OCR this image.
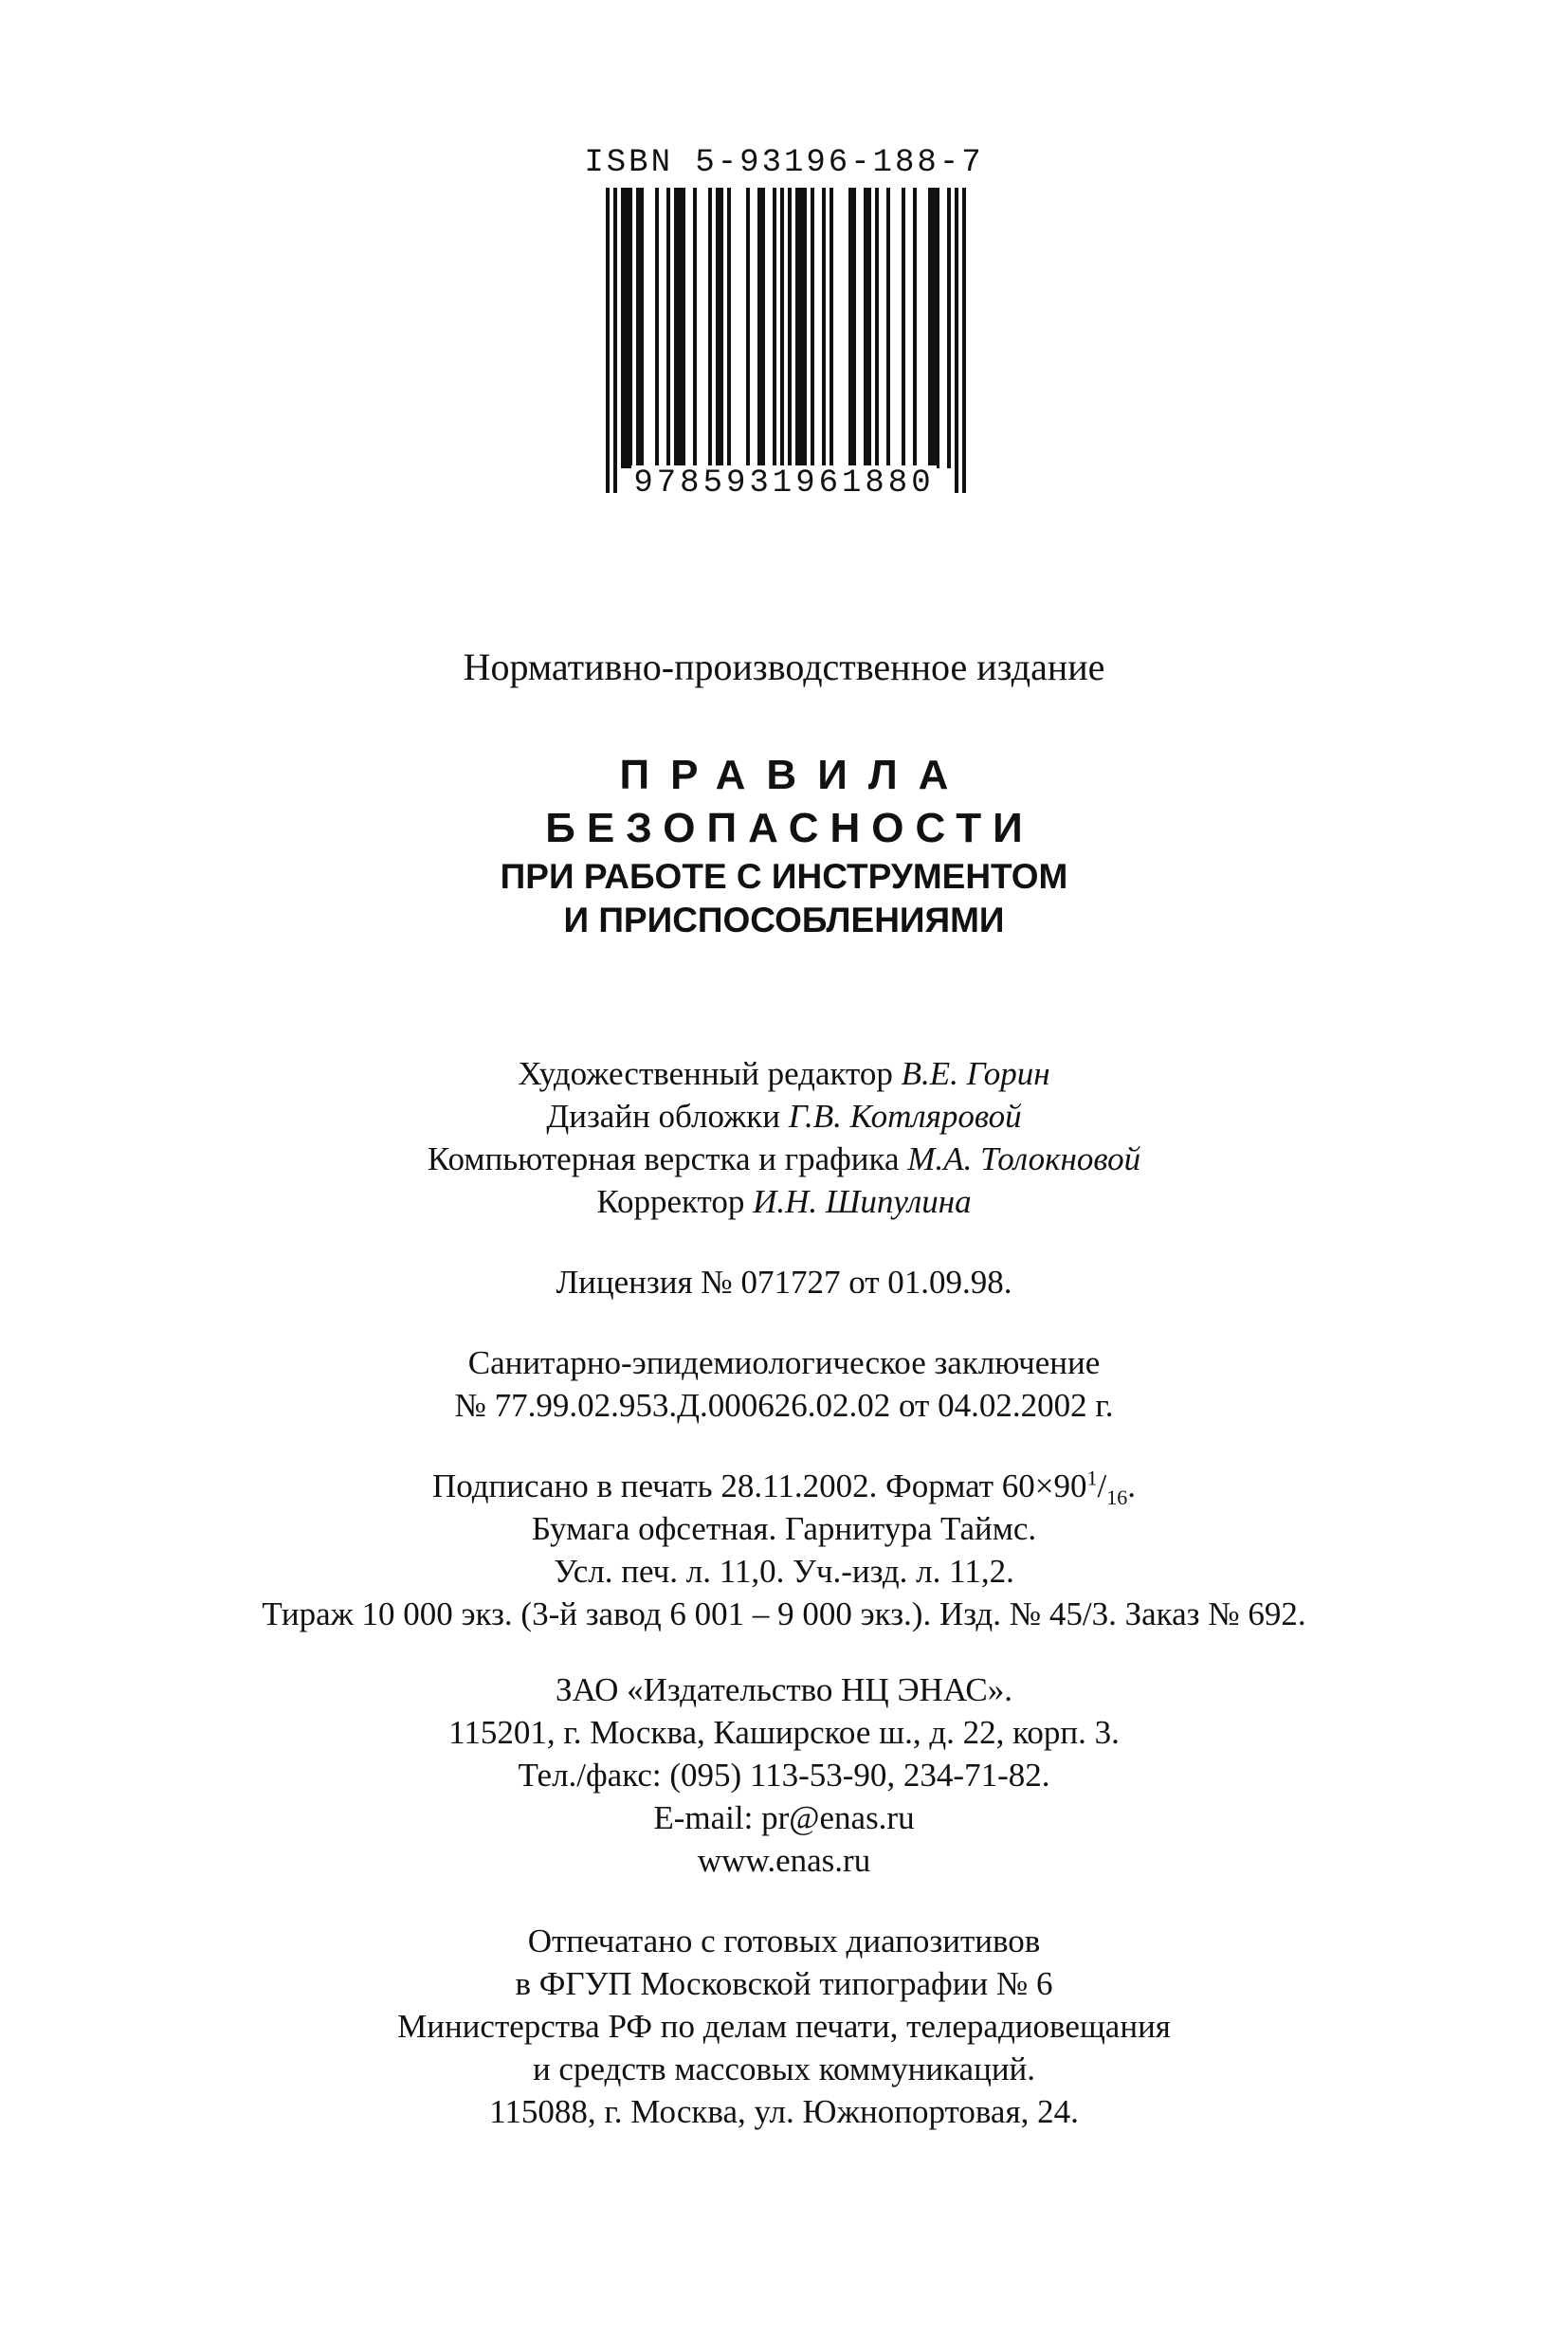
ISBN 5-93196-188-7
9785931961880
Нормативно-производственное издание
ПРАВИЛА
БЕЗОПАСНОСТИ
ПРИ РАБОТЕ С ИНСТРУМЕНТОМ
И ПРИСПОСОБЛЕНИЯМИ
Художественный редактор В.Е. Горин
Дизайн обложки Г.В. Котляровой
Компьютерная верстка и графика М.А. Толокновой
Корректор И.Н. Шипулина
Лицензия № 071727 от 01.09.98.
Санитарно-эпидемиологическое заключение
№ 77.99.02.953.Д.000626.02.02 от 04.02.2002 г.
Подписано в печать 28.11.2002. Формат $60\times 90^1/_{16}$.
Бумага офсетная. Гарнитура Таймс.
Усл. печ. л. 11,0. Уч.-изд. л. 11,2.
Тираж 10 000 экз. (3-й завод 6 001 – 9 000 экз.). Изд. № 45/3. Заказ № 692.
ЗАО «Издательство НЦ ЭНАС».
115201, г. Москва, Каширское ш., д. 22, корп. 3.
Тел./факс: (095) 113-53-90, 234-71-82.
E-mail: pr@enas.ru
www.enas.ru
Отпечатано с готовых диапозитивов
в ФГУП Московской типографии № 6
Министерства РФ по делам печати, телерадиовещания
и средств массовых коммуникаций.
115088, г. Москва, ул. Южнопортовая, 24.
